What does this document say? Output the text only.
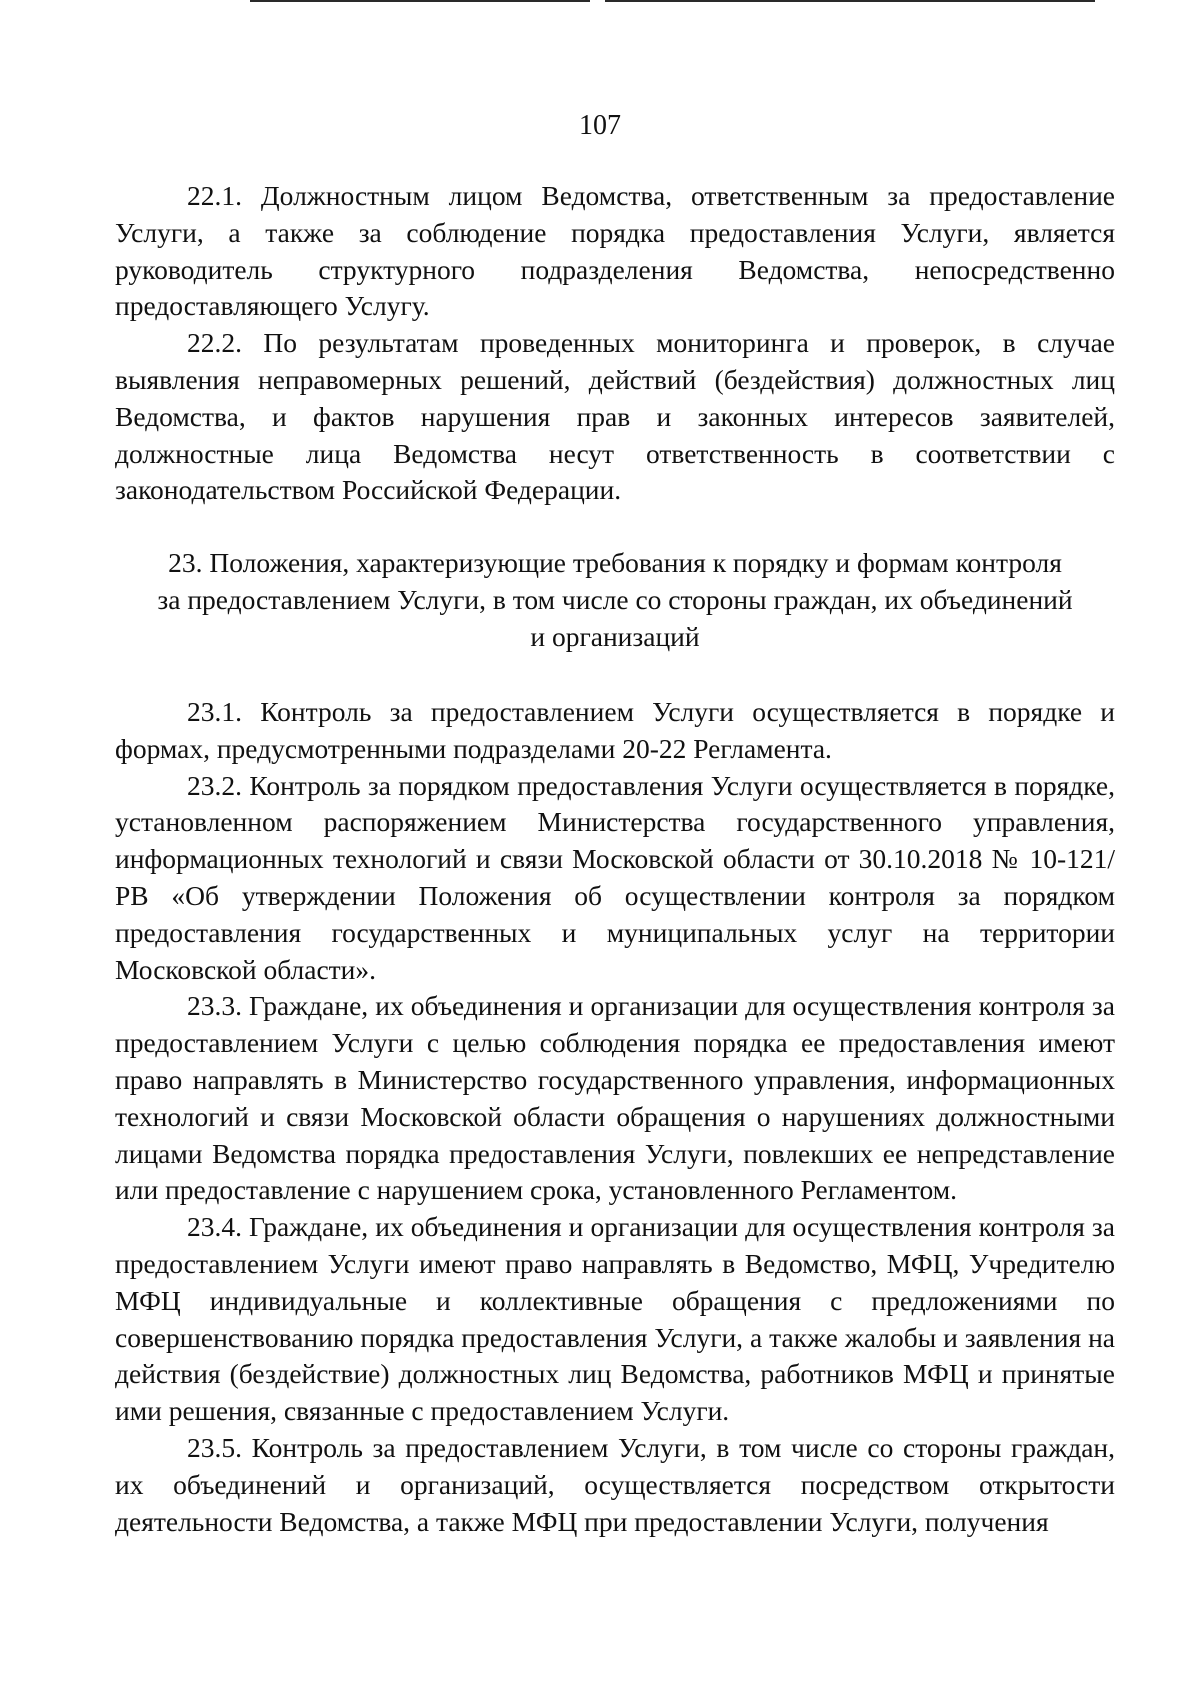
107

22.1. Должностным лицом Ведомства, ответственным за предоставление Услуги, а также за соблюдение порядка предоставления Услуги, является руководитель структурного подразделения Ведомства, непосредственно предоставляющего Услугу.

22.2. По результатам проведенных мониторинга и проверок, в случае выявления неправомерных решений, действий (бездействия) должностных лиц Ведомства, и фактов нарушения прав и законных интересов заявителей, должностные лица Ведомства несут ответственность в соответствии с законодательством Российской Федерации.

23. Положения, характеризующие требования к порядку и формам контроля
за предоставлением Услуги, в том числе со стороны граждан, их объединений
и организаций

23.1. Контроль за предоставлением Услуги осуществляется в порядке и формах, предусмотренными подразделами 20-22 Регламента.

23.2. Контроль за порядком предоставления Услуги осуществляется в порядке, установленном распоряжением Министерства государственного управления, информационных технологий и связи Московской области от 30.10.2018 № 10-121/РВ «Об утверждении Положения об осуществлении контроля за порядком предоставления государственных и муниципальных услуг на территории Московской области».

23.3. Граждане, их объединения и организации для осуществления контроля за предоставлением Услуги с целью соблюдения порядка ее предоставления имеют право направлять в Министерство государственного управления, информационных технологий и связи Московской области обращения о нарушениях должностными лицами Ведомства порядка предоставления Услуги, повлекших ее непредставление или предоставление с нарушением срока, установленного Регламентом.

23.4. Граждане, их объединения и организации для осуществления контроля за предоставлением Услуги имеют право направлять в Ведомство, МФЦ, Учредителю МФЦ индивидуальные и коллективные обращения с предложениями по совершенствованию порядка предоставления Услуги, а также жалобы и заявления на действия (бездействие) должностных лиц Ведомства, работников МФЦ и принятые ими решения, связанные с предоставлением Услуги.

23.5. Контроль за предоставлением Услуги, в том числе со стороны граждан, их объединений и организаций, осуществляется посредством открытости деятельности Ведомства, а также МФЦ при предоставлении Услуги, получения
